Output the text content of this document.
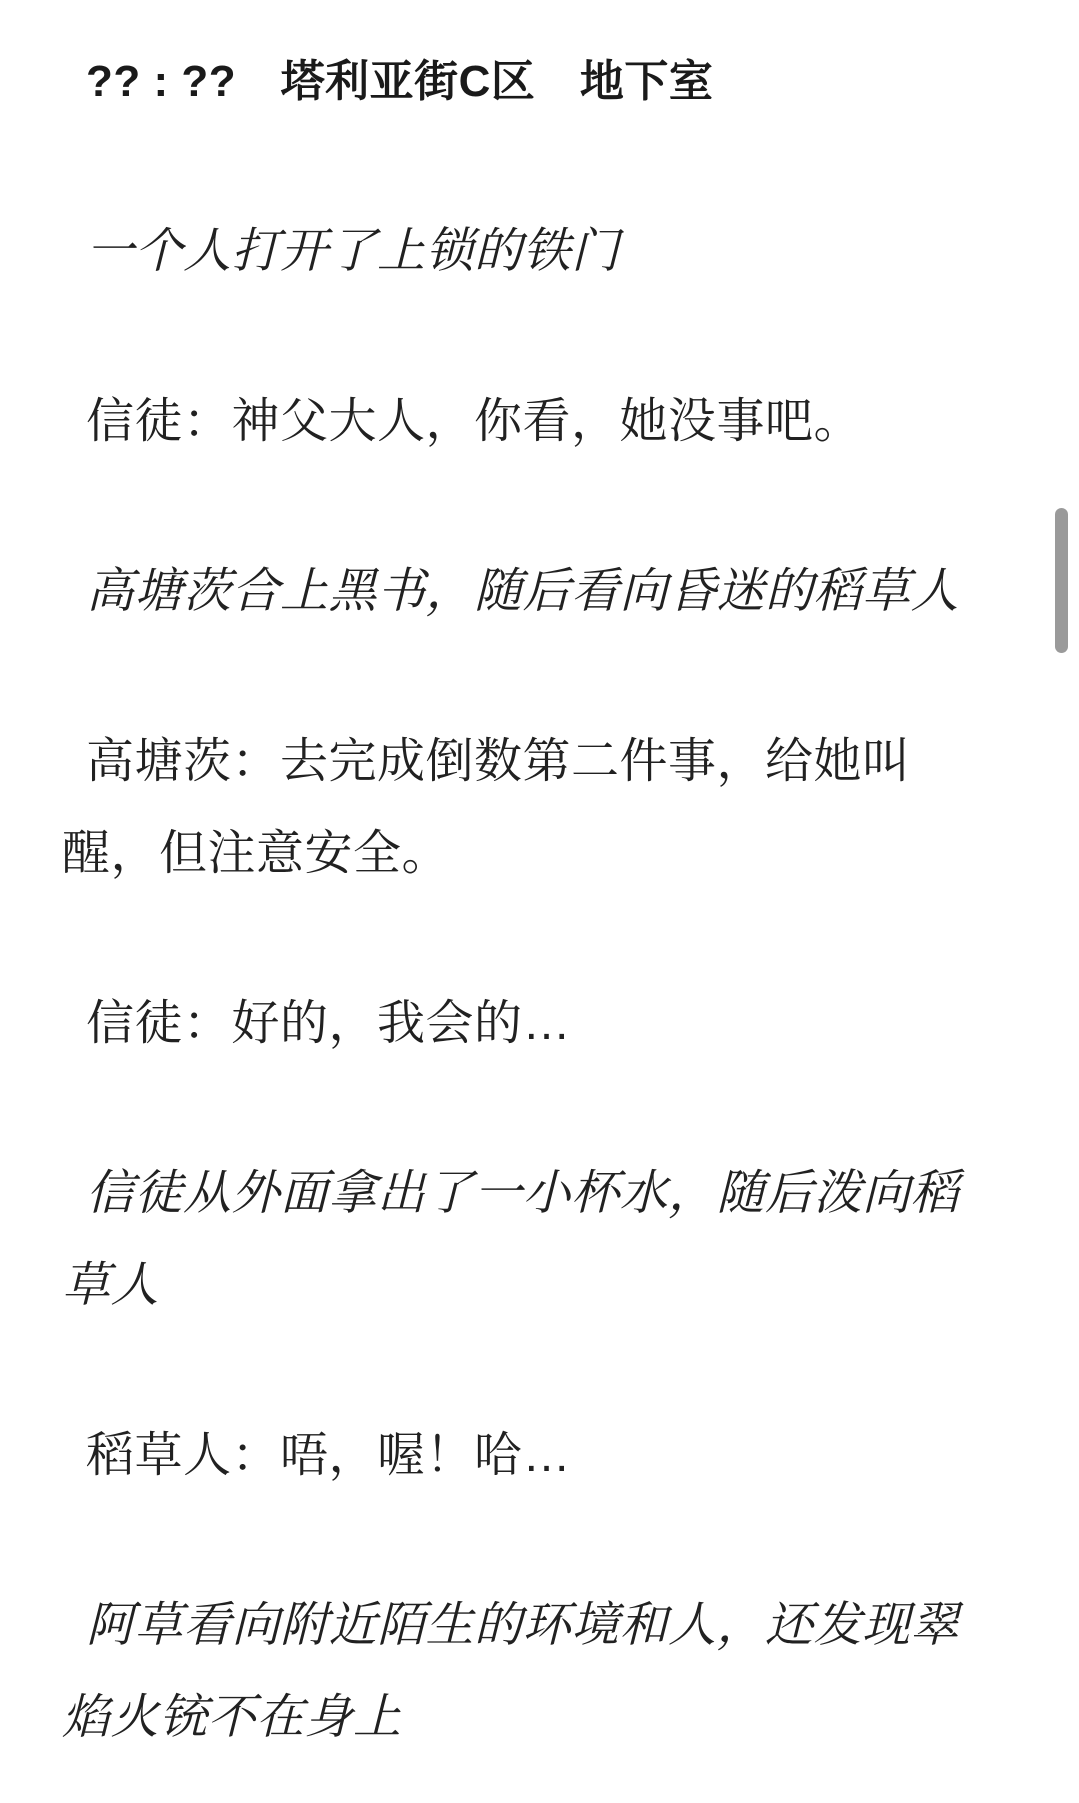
?? : ??　塔利亚街C区　地下室

一个人打开了上锁的铁门

信徒：神父大人，你看，她没事吧。

高塘茨合上黑书，随后看向昏迷的稻草人

高塘茨：去完成倒数第二件事，给她叫醒，但注意安全。

信徒：好的，我会的…

信徒从外面拿出了一小杯水，随后泼向稻草人

稻草人：唔，喔！哈…

阿草看向附近陌生的环境和人，还发现翠焰火铳不在身上
